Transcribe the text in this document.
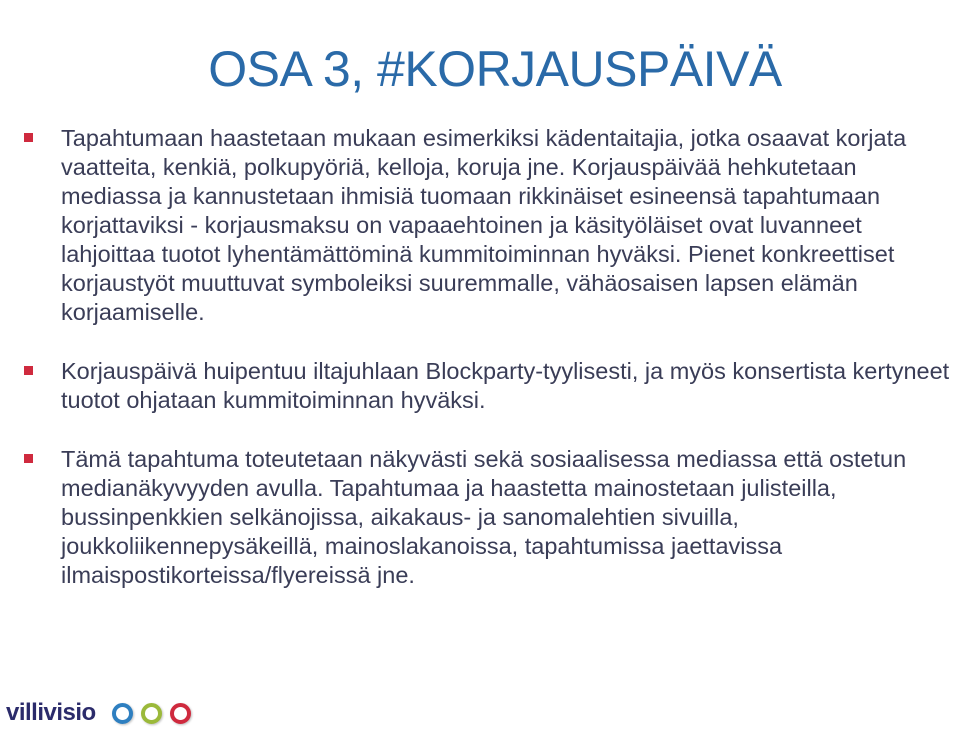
OSA 3, #KORJAUSPÄIVÄ
Tapahtumaan haastetaan mukaan esimerkiksi kädentaitajia, jotka osaavat korjata vaatteita, kenkiä, polkupyöriä, kelloja, koruja jne. Korjauspäivää hehkutetaan mediassa ja kannustetaan ihmisiä tuomaan rikkinäiset esineensä tapahtumaan korjattaviksi - korjausmaksu on vapaaehtoinen ja käsityöläiset ovat luvanneet lahjoittaa tuotot lyhentämättöminä kummitoiminnan hyväksi. Pienet konkreettiset korjaustyöt muuttuvat symboleiksi suuremmalle, vähäosaisen lapsen elämän korjaamiselle.
Korjauspäivä huipentuu iltajuhlaan Blockparty-tyylisesti, ja myös konsertista kertyneet tuotot ohjataan kummitoiminnan hyväksi.
Tämä tapahtuma toteutetaan näkyvästi sekä sosiaalisessa mediassa että ostetun medianäkyvyyden avulla. Tapahtumaa ja haastetta mainostetaan julisteilla, bussinpenkkien selkänojissa, aikakaus- ja sanomalehtien sivuilla, joukkoliikennepysäkeillä, mainoslakanoissa, tapahtumissa jaettavissa ilmaispostikorteissa/flyereissä jne.
villivisio
